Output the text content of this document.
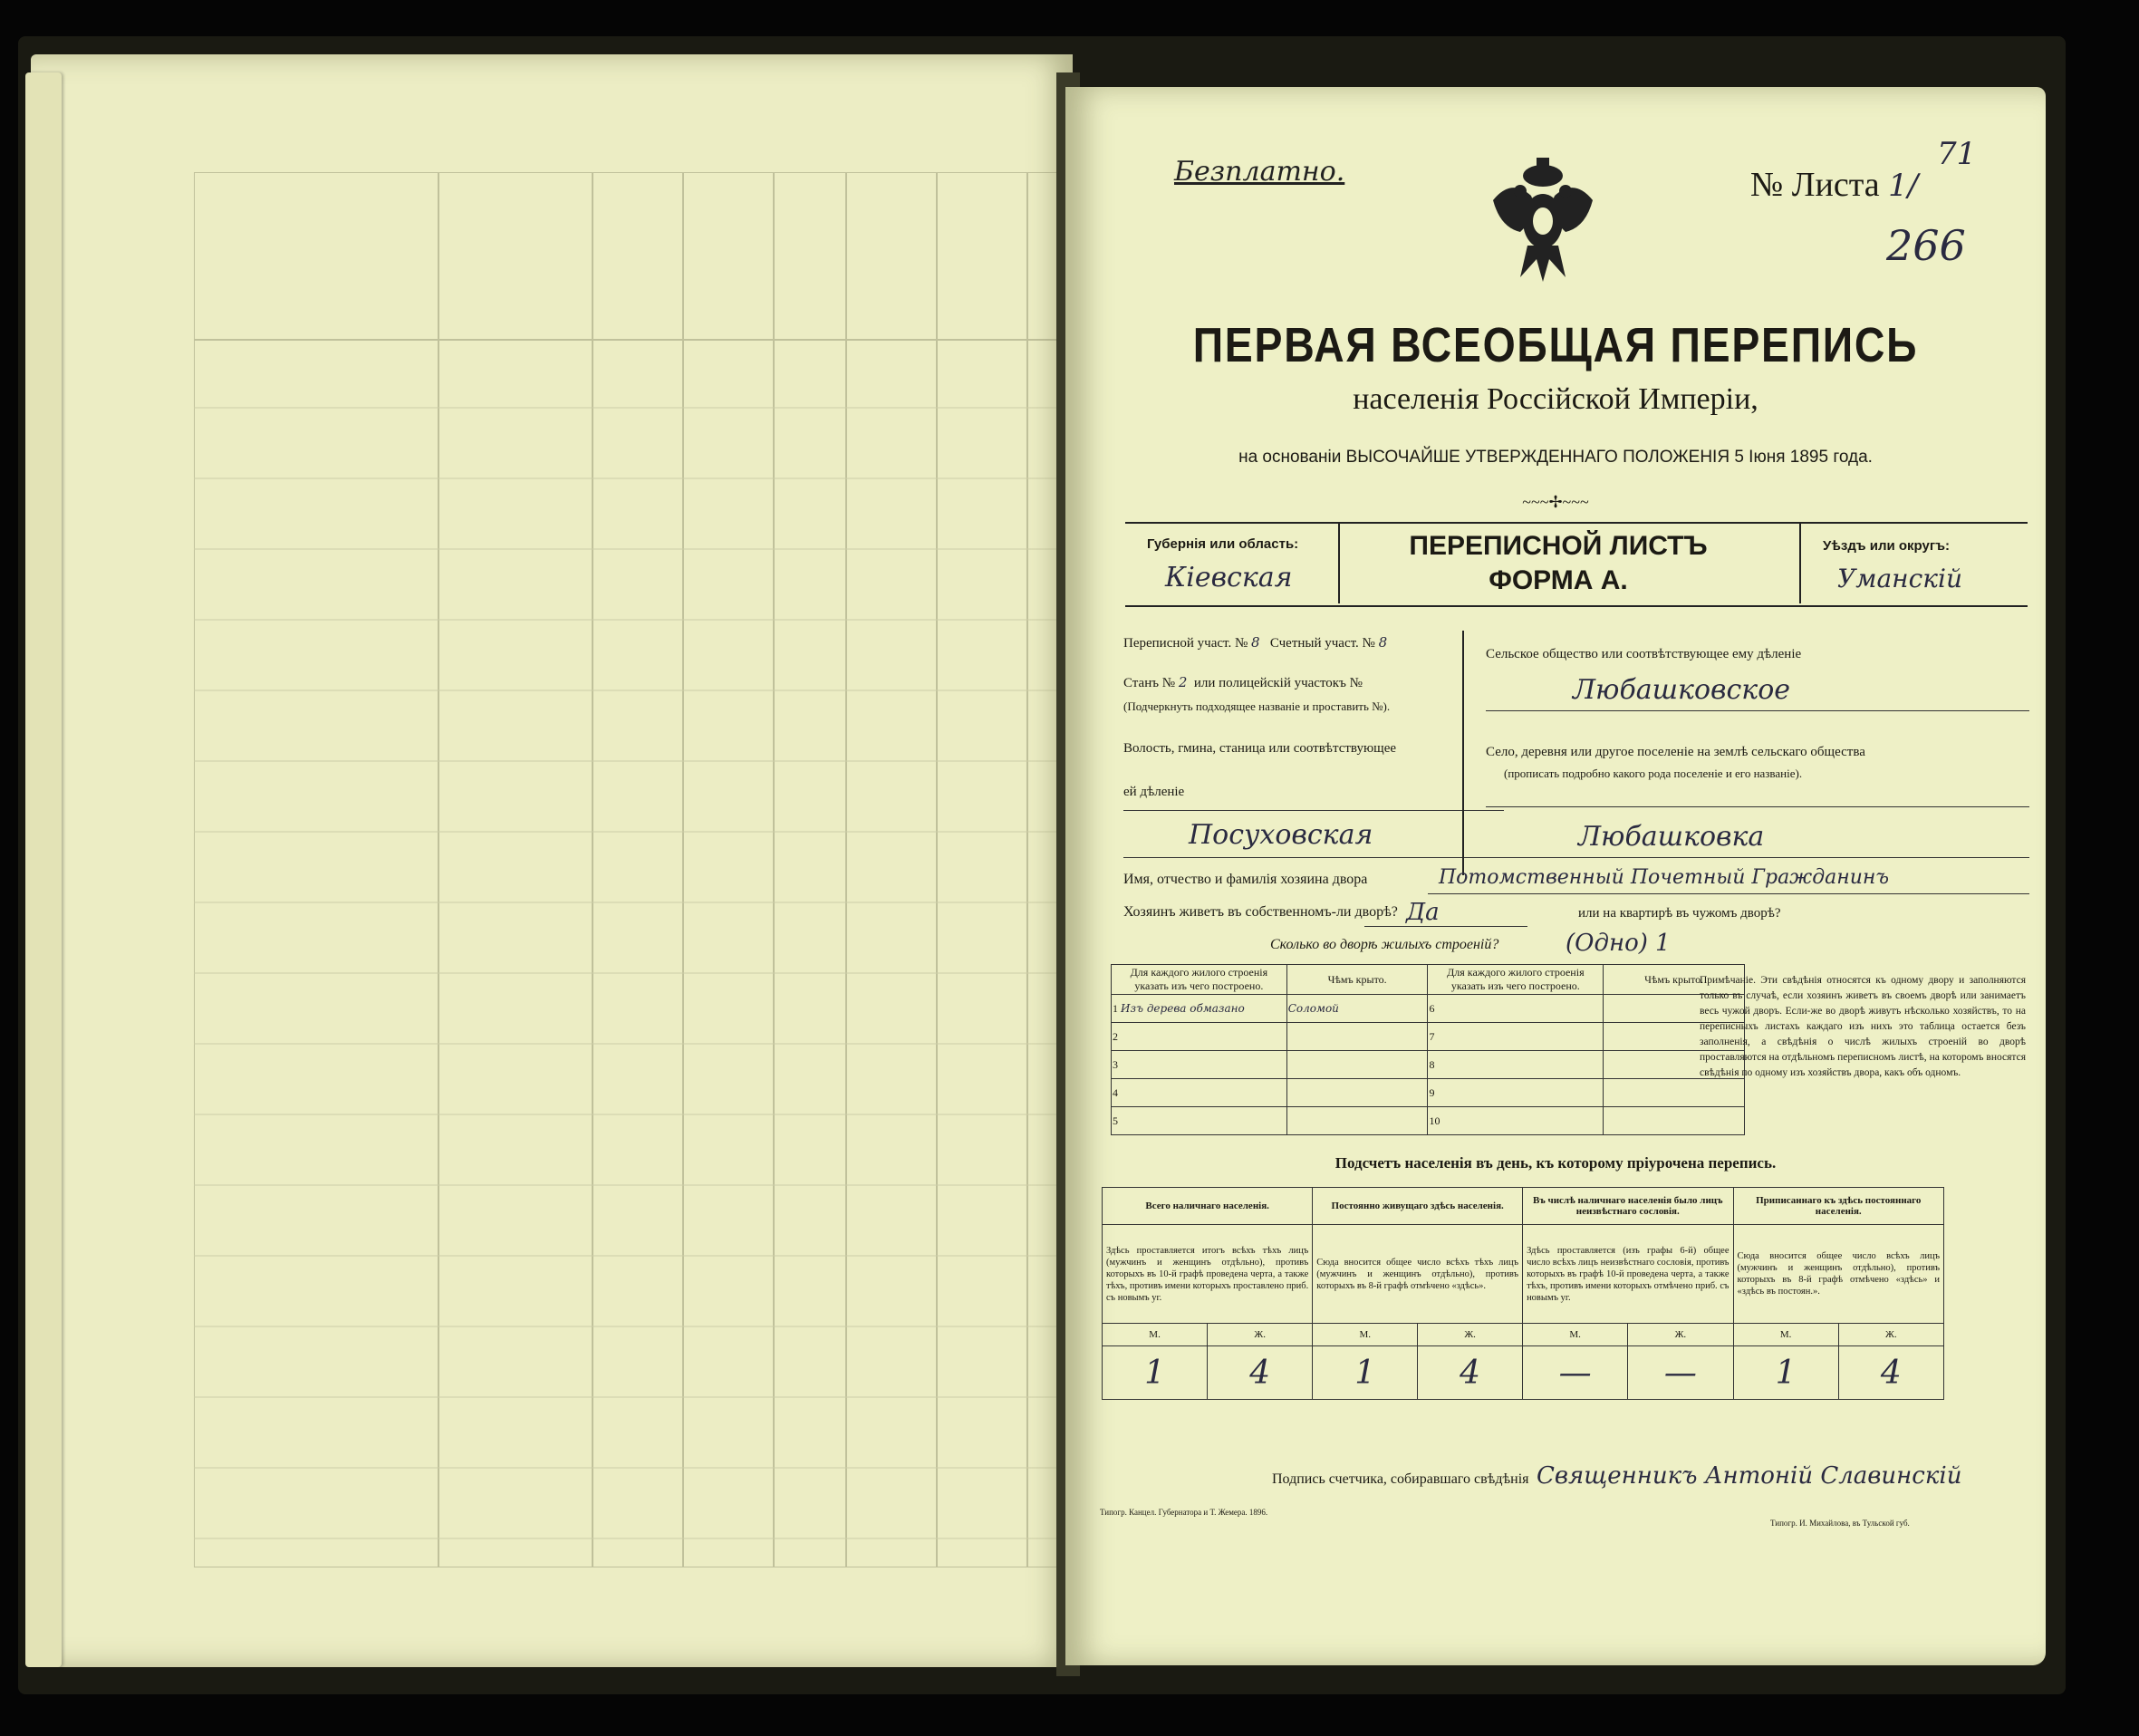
Безплатно.	№ Листа 1/
71
266
ПЕРВАЯ ВСЕОБЩАЯ ПЕРЕПИСЬ
населенія Россійской Имперіи,
на основаніи ВЫСОЧАЙШЕ УТВЕРЖДЕННАГО ПОЛОЖЕНІЯ 5 Іюня 1895 года.
~~~✢~~~
Губернія или область:
Кіевская
ПЕРЕПИСНОЙ ЛИСТЪ
ФОРМА А.
Уѣздъ или округъ:
Уманскій
Переписной участ. № 8 Счетный участ. № 8
Станъ № 2 или полицейскій участокъ №
(Подчеркнуть подходящее названіе и проставить №).
Волость, гмина, станица или соотвѣтствующее
ей дѣленіе
Посуховская
Сельское общество или соотвѣтствующее ему дѣленіе
Любашковское
Село, деревня или другое поселеніе на землѣ сельскаго общества
(прописать подробно какого рода поселеніе и его названіе).
Любашковка
Имя, отчество и фамилія хозяина двора	Потомственный Почетный Гражданинъ
Хозяинъ живетъ въ собственномъ-ли дворѣ? Да	или на квартирѣ въ чужомъ дворѣ?
Сколько во дворѣ жилыхъ строеній?	(Одно) 1
Для каждого жилого строенія указать изъ чего построено.	Чѣмъ крыто.	Для каждого жилого строенія указать изъ чего построено.	Чѣмъ крыто.
1 Изъ дерева обмазано	Соломой	6	
2		7	
3		8	
4		9	
5		10	
Примѣчаніе. Эти свѣдѣнія относятся къ одному двору и заполняются только въ случаѣ, если хозяинъ живетъ въ своемъ дворѣ или занимаетъ весь чужой дворъ. Если-же во дворѣ живутъ нѣсколько хозяйствъ, то на переписныхъ листахъ каждаго изъ нихъ это таблица остается безъ заполненія, а свѣдѣнія о числѣ жилыхъ строеній во дворѣ проставляются на отдѣльномъ переписномъ листѣ, на которомъ вносятся свѣдѣнія по одному изъ хозяйствъ двора, какъ объ одномъ.
Подсчетъ населенія въ день, къ которому пріурочена перепись.
Всего наличнаго населенія.		Постоянно живущаго здѣсь населенія.		Въ числѣ наличнаго населенія было лицъ неизвѣстнаго сословія.		Приписаннаго къ здѣсь постояннаго населенія.	
Здѣсь проставляется итогъ всѣхъ тѣхъ лицъ (мужчинъ и женщинъ отдѣльно), противъ которыхъ въ 10-й графѣ проведена черта, а также тѣхъ, противъ имени которыхъ проставлено приб. съ новымъ уг.		Сюда вносится общее число всѣхъ тѣхъ лицъ (мужчинъ и женщинъ отдѣльно), противъ которыхъ въ 8-й графѣ отмѣчено «здѣсь».		Здѣсь проставляется (изъ графы 6-й) общее число всѣхъ лицъ неизвѣстнаго сословія, противъ которыхъ въ графѣ 10-й проведена черта, а также тѣхъ, противъ имени которыхъ отмѣчено приб. съ новымъ уг.		Сюда вносится общее число всѣхъ лицъ (мужчинъ и женщинъ отдѣльно), противъ которыхъ въ 8-й графѣ отмѣчено «здѣсь» и «здѣсь въ постоян.».	
М.	Ж.	М.	Ж.	М.	Ж.	М.	Ж.
1	4	1	4	—	—	1	4
Подпись счетчика, собиравшаго свѣдѣнія Священникъ Антоній Славинскій
Типогр. Канцел. Губернатора и Т. Жемера. 1896.
Типогр. И. Михайлова, въ Тульской губ.
